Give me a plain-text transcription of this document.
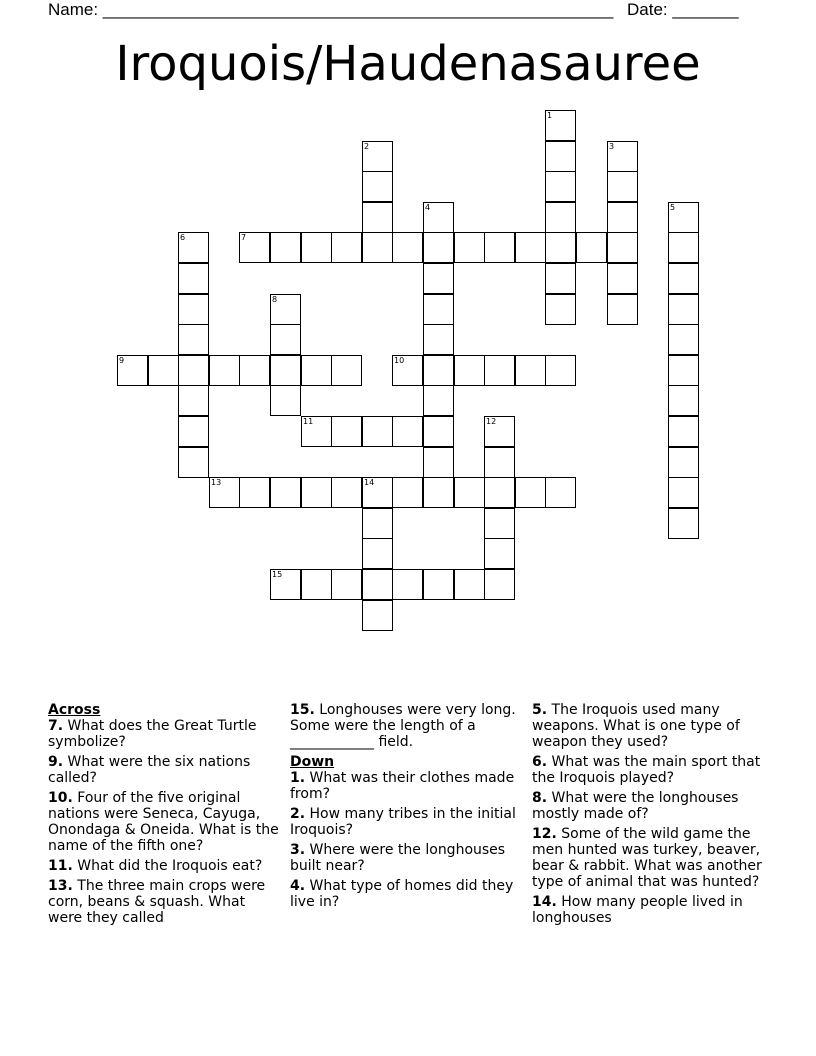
Name: ______________________________________________________ Date: _______
Iroquois/Haudenasauree
1
2	3
4	5
6	7
8
9	10
11	12
13	14
15
Across
7. What does the Great Turtle symbolize?
9. What were the six nations called?
10. Four of the five original nations were Seneca, Cayuga, Onondaga & Oneida. What is the name of the fifth one?
11. What did the Iroquois eat?
13. The three main crops were corn, beans & squash. What were they called
15. Longhouses were very long. Some were the length of a ____________ field.
Down
1. What was their clothes made from?
2. How many tribes in the initial Iroquois?
3. Where were the longhouses built near?
4. What type of homes did they live in?
5. The Iroquois used many weapons. What is one type of weapon they used?
6. What was the main sport that the Iroquois played?
8. What were the longhouses mostly made of?
12. Some of the wild game the men hunted was turkey, beaver, bear & rabbit. What was another type of animal that was hunted?
14. How many people lived in longhouses
